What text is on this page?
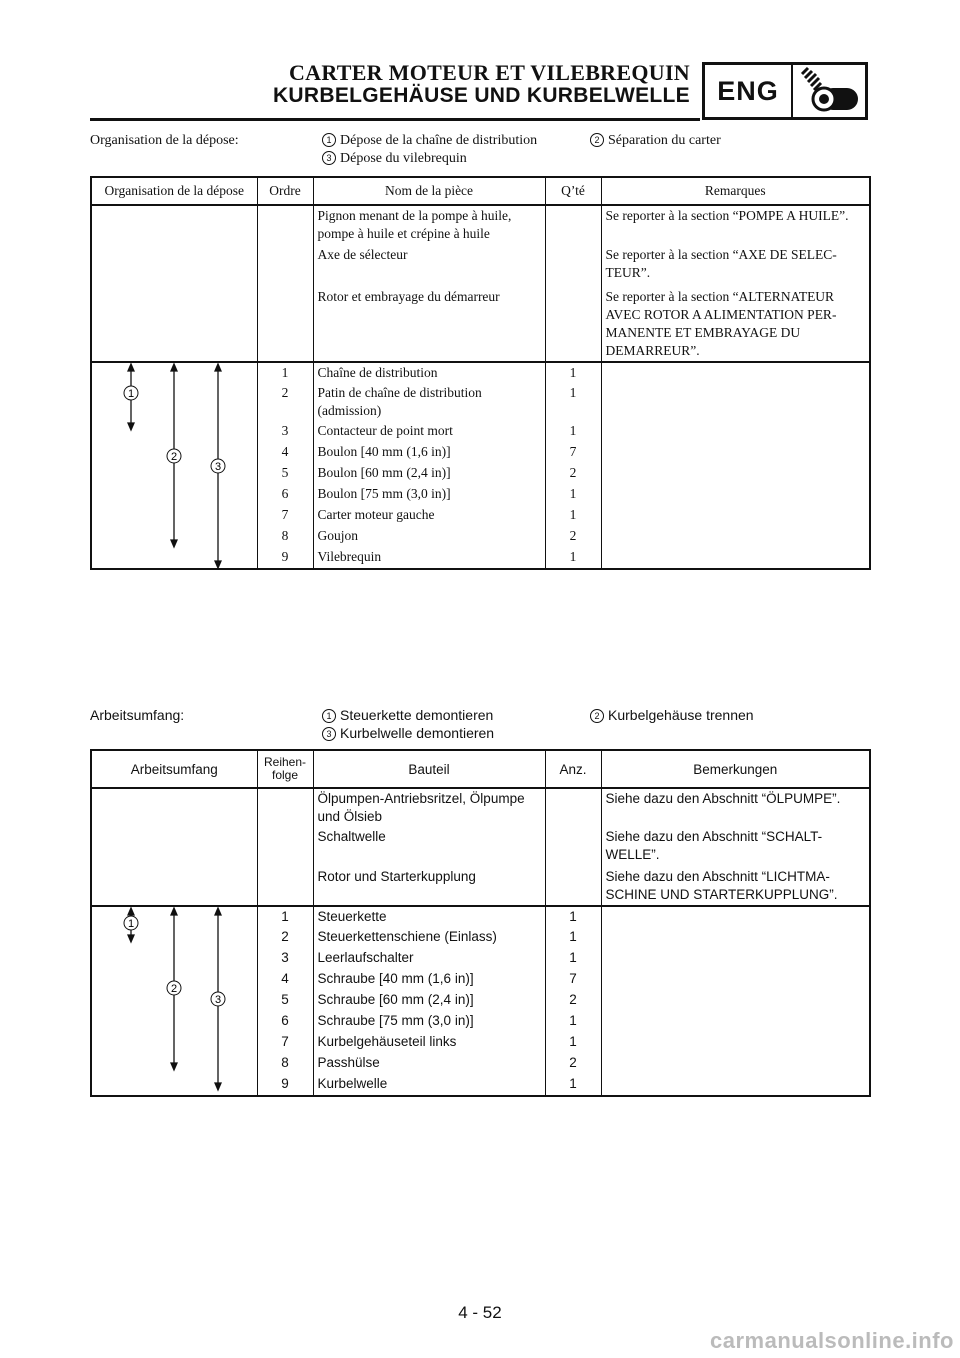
CARTER MOTEUR ET VILEBREQUIN
KURBELGEHÄUSE UND KURBELWELLE	ENG
Organisation de la dépose:	1 Dépose de la chaîne de distribution	2 Séparation du carter
3 Dépose du vilebrequin
Organisation de la dépose	Ordre	Nom de la pièce	Q’té	Remarques
		Pignon menant de la pompe à huile, pompe à huile et crépine à huile		Se reporter à la section “POMPE A HUILE”.
		Axe de sélecteur		Se reporter à la section “AXE DE SELEC-TEUR”.
		Rotor et embrayage du démarreur		Se reporter à la section “ALTERNATEUR AVEC ROTOR A ALIMENTATION PER-MANENTE ET EMBRAYAGE DU DEMARREUR”.

1
2
3	1	Chaîne de distribution	1	
	2	Patin de chaîne de distribution (admission)	1	
	3	Contacteur de point mort	1	
	4	Boulon [40 mm (1,6 in)]	7	
	5	Boulon [60 mm (2,4 in)]	2	
	6	Boulon [75 mm (3,0 in)]	1	
	7	Carter moteur gauche	1	
	8	Goujon	2	
	9	Vilebrequin	1	
Arbeitsumfang:	1 Steuerkette demontieren	2 Kurbelgehäuse trennen
3 Kurbelwelle demontieren
Arbeitsumfang	Reihen-folge	Bauteil	Anz.	Bemerkungen
		Ölpumpen-Antriebsritzel, Ölpumpe und Ölsieb		Siehe dazu den Abschnitt “ÖLPUMPE”.
		Schaltwelle		Siehe dazu den Abschnitt “SCHALT-WELLE”.
		Rotor und Starterkupplung		Siehe dazu den Abschnitt “LICHTMA-SCHINE UND STARTERKUPPLUNG”.

1
2
3	1	Steuerkette	1	
	2	Steuerkettenschiene (Einlass)	1	
	3	Leerlaufschalter	1	
	4	Schraube [40 mm (1,6 in)]	7	
	5	Schraube [60 mm (2,4 in)]	2	
	6	Schraube [75 mm (3,0 in)]	1	
	7	Kurbelgehäuseteil links	1	
	8	Passhülse	2	
	9	Kurbelwelle	1	
4 - 52
carmanualsonline.info
